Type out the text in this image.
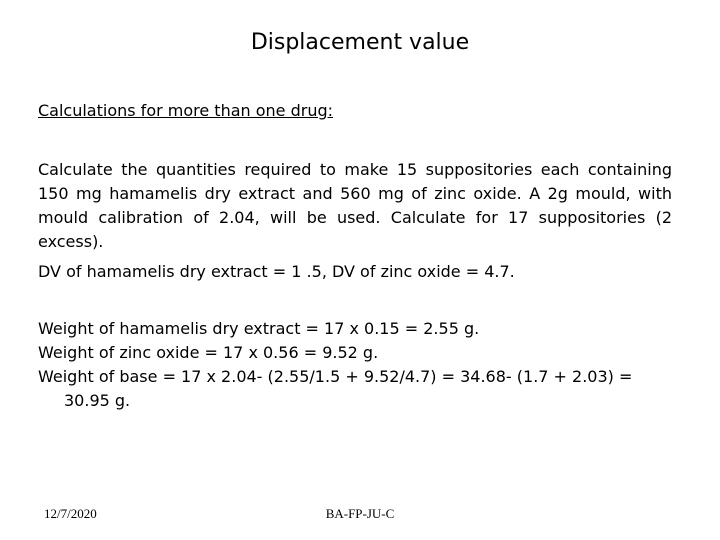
Displacement value
Calculations for more than one drug:

Calculate the quantities required to make 15 suppositories each containing 150 mg hamamelis dry extract and 560 mg of zinc oxide. A 2g mould, with mould calibration of 2.04, will be used. Calculate for 17 suppositories (2 excess).

DV of hamamelis dry extract = 1 .5, DV of zinc oxide = 4.7.

Weight of hamamelis dry extract = 17 x 0.15 = 2.55 g.
Weight of zinc oxide = 17 x 0.56 = 9.52 g.
Weight of base = 17 x 2.04- (2.55/1.5 + 9.52/4.7) = 34.68- (1.7 + 2.03) = 30.95 g.
12/7/2020	BA-FP-JU-C
